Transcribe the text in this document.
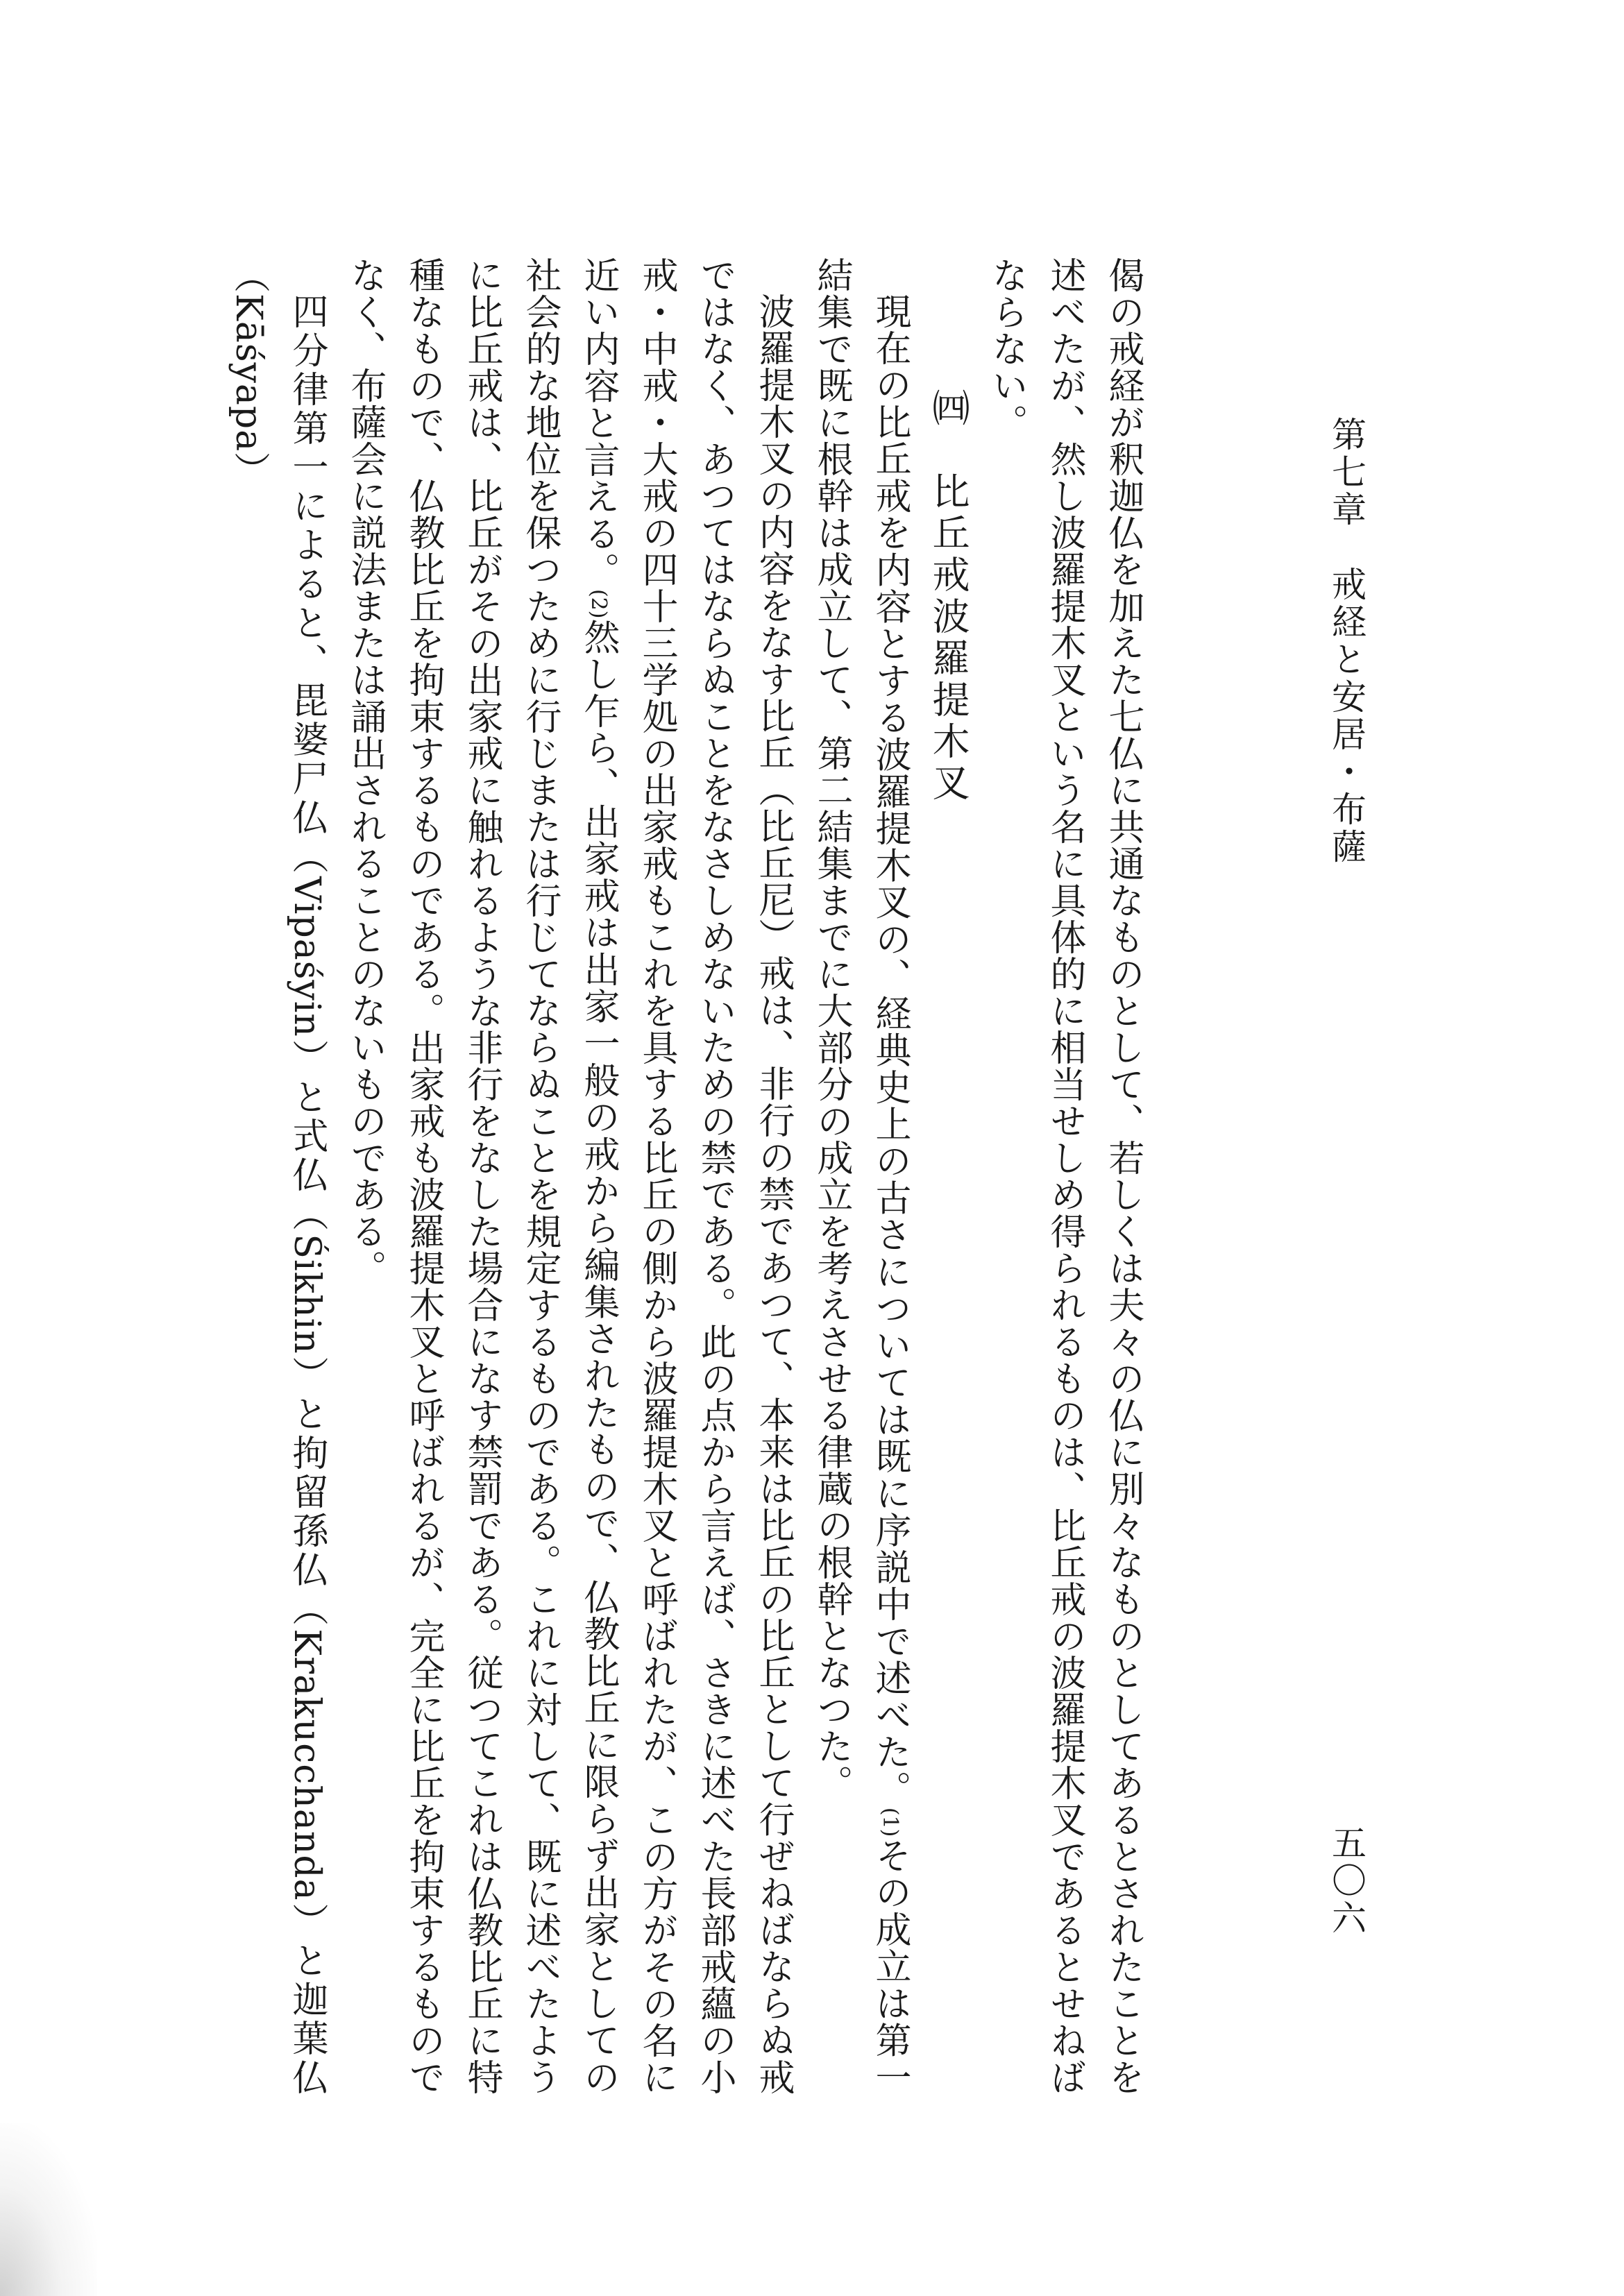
第七章　戒経と安居・布薩
五〇六

偈の戒経が釈迦仏を加えた七仏に共通なものとして、若しくは夫々の仏に別々なものとしてあるとされたことを述べたが、然し波羅提木叉という名に具体的に相当せしめ得られるものは、比丘戒の波羅提木叉であるとせねばならない。

㈣　比丘戒波羅提木叉

現在の比丘戒を内容とする波羅提木叉の、経典史上の古さについては既に序説中で述べた。(1)その成立は第一結集で既に根幹は成立して、第二結集までに大部分の成立を考えさせる律蔵の根幹となつた。

波羅提木叉の内容をなす比丘（比丘尼）戒は、非行の禁であつて、本来は比丘の比丘として行ぜねばならぬ戒ではなく、あつてはならぬことをなさしめないための禁である。此の点から言えば、さきに述べた長部戒蘊の小戒・中戒・大戒の四十三学処の出家戒もこれを具する比丘の側から波羅提木叉と呼ばれたが、この方がその名に近い内容と言える。(2)然し乍ら、出家戒は出家一般の戒から編集されたもので、仏教比丘に限らず出家としての社会的な地位を保つために行じまたは行じてならぬことを規定するものである。これに対して、既に述べたように比丘戒は、比丘がその出家戒に触れるような非行をなした場合になす禁罰である。従つてこれは仏教比丘に特種なもので、仏教比丘を拘束するものである。出家戒も波羅提木叉と呼ばれるが、完全に比丘を拘束するものでなく、布薩会に説法または誦出されることのないものである。

四分律第一によると、毘婆尸仏（Vipaśyin）と式仏（Śikhin）と拘留孫仏（Krakucchanda）と迦葉仏（Kāśyapa）
